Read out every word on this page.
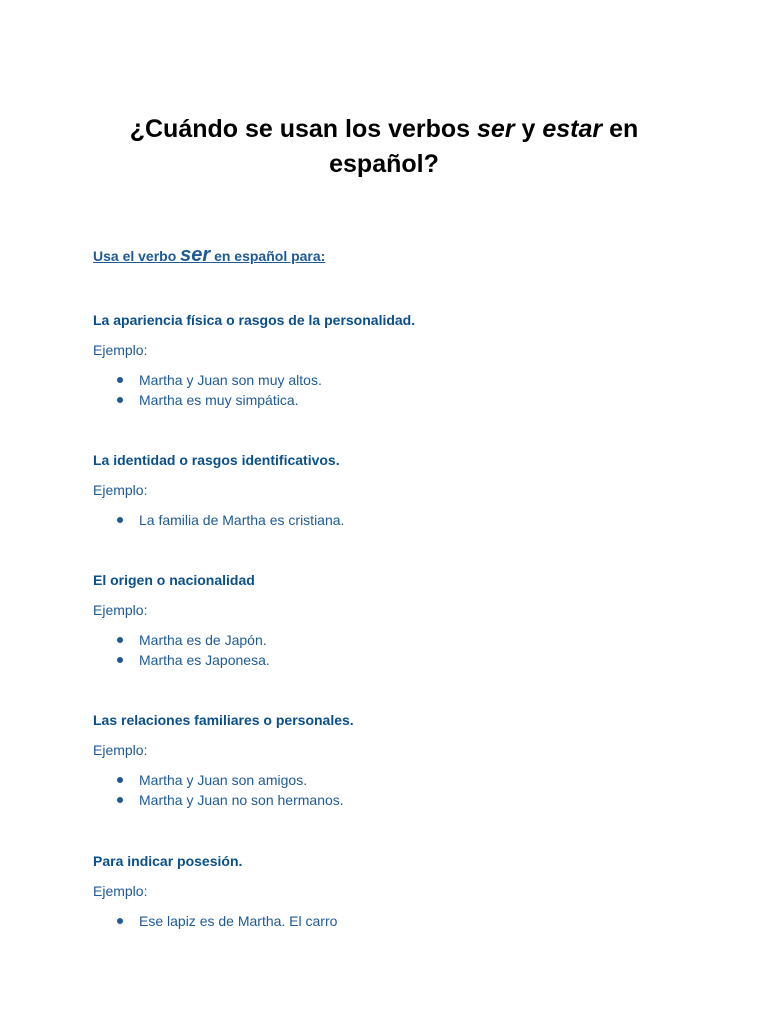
¿Cuándo se usan los verbos ser y estar en
español?

Usa el verbo ser en español para:

La apariencia física o rasgos de la personalidad.

Ejemplo:

Martha y Juan son muy altos.
Martha es muy simpática.

La identidad o rasgos identificativos.

Ejemplo:

La familia de Martha es cristiana.

El origen o nacionalidad

Ejemplo:

Martha es de Japón.
Martha es Japonesa.

Las relaciones familiares o personales.

Ejemplo:

Martha y Juan son amigos.
Martha y Juan no son hermanos.

Para indicar posesión.

Ejemplo:

Ese lapiz es de Martha. El carro
